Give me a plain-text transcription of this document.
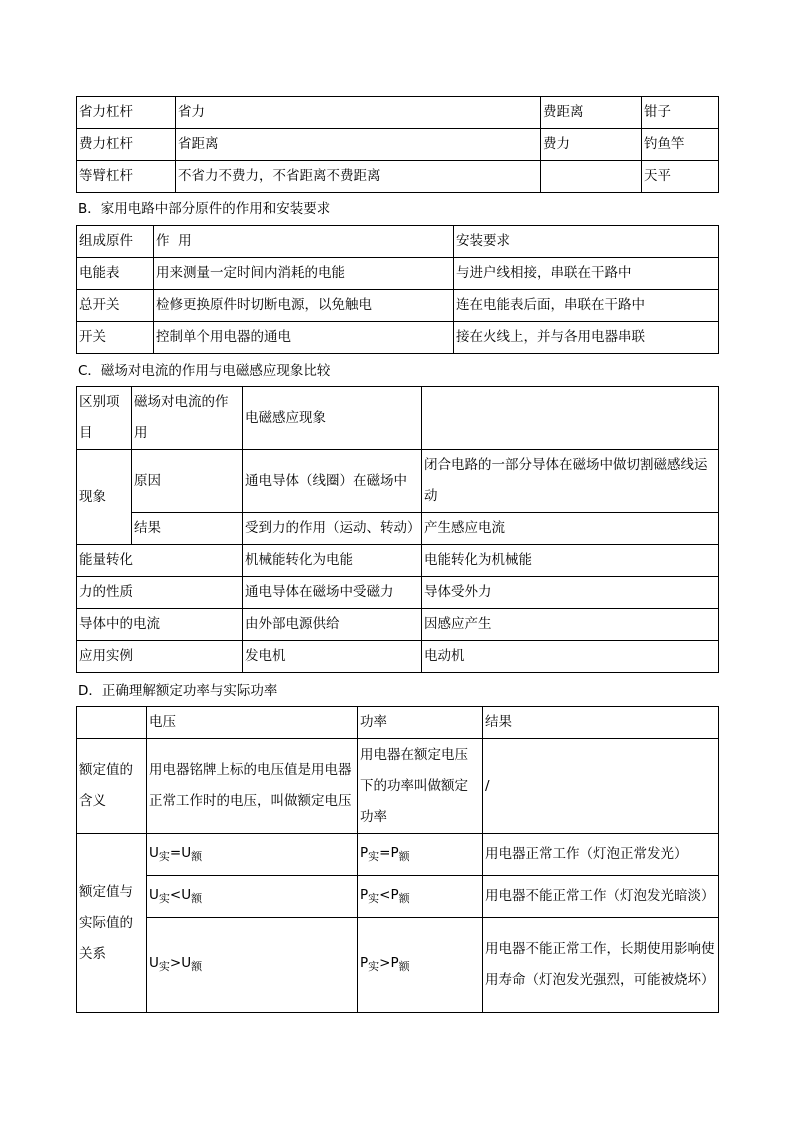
省力杠杆	省力	费距离	钳子
费力杠杆	省距离	费力	钓鱼竿
等臂杠杆	不省力不费力，不省距离不费距离		天平
B．家用电路中部分原件的作用和安装要求
组成原件	作  用	安装要求
电能表	用来测量一定时间内消耗的电能	与进户线相接，串联在干路中
总开关	检修更换原件时切断电源，以免触电	连在电能表后面，串联在干路中
开关	控制单个用电器的通电	接在火线上，并与各用电器串联
C．磁场对电流的作用与电磁感应现象比较
区别项目	磁场对电流的作用	电磁感应现象	
现象	原因	通电导体（线圈）在磁场中	闭合电路的一部分导体在磁场中做切割磁感线运动
	结果	受到力的作用（运动、转动）	产生感应电流
能量转化		机械能转化为电能	电能转化为机械能
力的性质		通电导体在磁场中受磁力	导体受外力
导体中的电流		由外部电源供给	因感应产生
应用实例		发电机	电动机
D．正确理解额定功率与实际功率
	电压	功率	结果
额定值的含义	用电器铭牌上标的电压值是用电器正常工作时的电压，叫做额定电压	用电器在额定电压下的功率叫做额定功率	/
额定值与实际值的关系	$U_实=U_额$	$P_实=P_额$	用电器正常工作（灯泡正常发光）
	$U_实<U_额$	$P_实<P_额$	用电器不能正常工作（灯泡发光暗淡）
	$U_实>U_额$	$P_实>P_额$	用电器不能正常工作，长期使用影响使用寿命（灯泡发光强烈，可能被烧坏）
